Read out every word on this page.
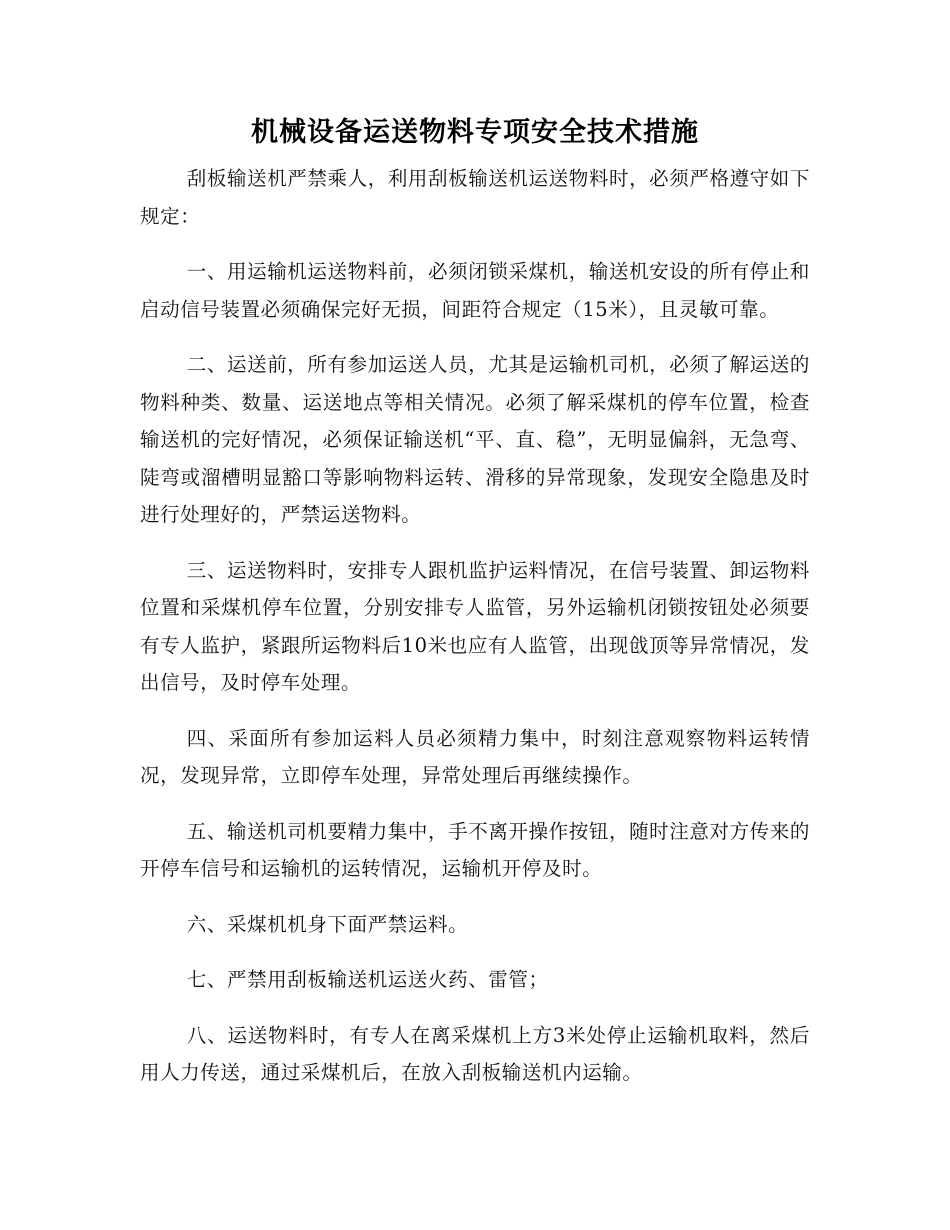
机械设备运送物料专项安全技术措施

刮板输送机严禁乘人，利用刮板输送机运送物料时，必须严格遵守如下规定：

一、用运输机运送物料前，必须闭锁采煤机，输送机安设的所有停止和启动信号装置必须确保完好无损，间距符合规定（15米），且灵敏可靠。

二、运送前，所有参加运送人员，尤其是运输机司机，必须了解运送的物料种类、数量、运送地点等相关情况。必须了解采煤机的停车位置，检查输送机的完好情况，必须保证输送机“平、直、稳”，无明显偏斜，无急弯、陡弯或溜槽明显豁口等影响物料运转、滑移的异常现象，发现安全隐患及时进行处理好的，严禁运送物料。

三、运送物料时，安排专人跟机监护运料情况，在信号装置、卸运物料位置和采煤机停车位置，分别安排专人监管，另外运输机闭锁按钮处必须要有专人监护，紧跟所运物料后10米也应有人监管，出现戗顶等异常情况，发出信号，及时停车处理。

四、采面所有参加运料人员必须精力集中，时刻注意观察物料运转情况，发现异常，立即停车处理，异常处理后再继续操作。

五、输送机司机要精力集中，手不离开操作按钮，随时注意对方传来的开停车信号和运输机的运转情况，运输机开停及时。

六、采煤机机身下面严禁运料。

七、严禁用刮板输送机运送火药、雷管；

八、运送物料时，有专人在离采煤机上方3米处停止运输机取料，然后用人力传送，通过采煤机后，在放入刮板输送机内运输。
